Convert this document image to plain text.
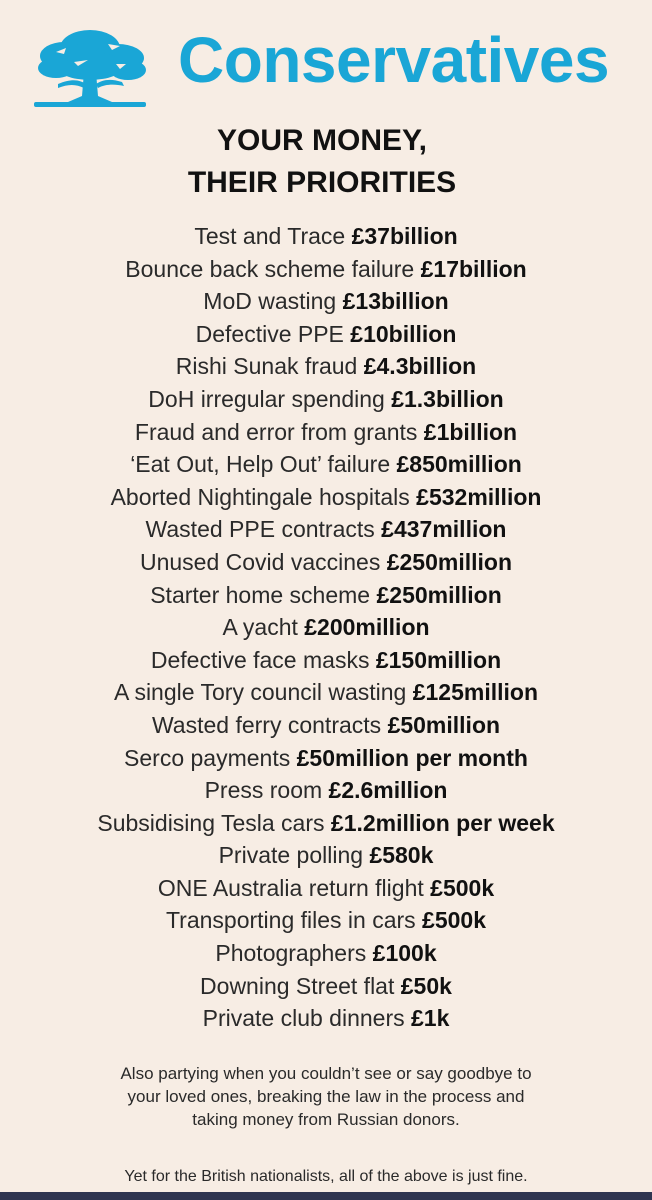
Conservatives
YOUR MONEY,
THEIR PRIORITIES
Test and Trace £37billion
Bounce back scheme failure £17billion
MoD wasting £13billion
Defective PPE £10billion
Rishi Sunak fraud £4.3billion
DoH irregular spending £1.3billion
Fraud and error from grants £1billion
‘Eat Out, Help Out’ failure £850million
Aborted Nightingale hospitals £532million
Wasted PPE contracts £437million
Unused Covid vaccines £250million
Starter home scheme £250million
A yacht £200million
Defective face masks £150million
A single Tory council wasting £125million
Wasted ferry contracts £50million
Serco payments £50million per month
Press room £2.6million
Subsidising Tesla cars £1.2million per week
Private polling £580k
ONE Australia return flight £500k
Transporting files in cars £500k
Photographers £100k
Downing Street flat £50k
Private club dinners £1k
Also partying when you couldn’t see or say goodbye to
your loved ones, breaking the law in the process and
taking money from Russian donors.
Yet for the British nationalists, all of the above is just fine.
